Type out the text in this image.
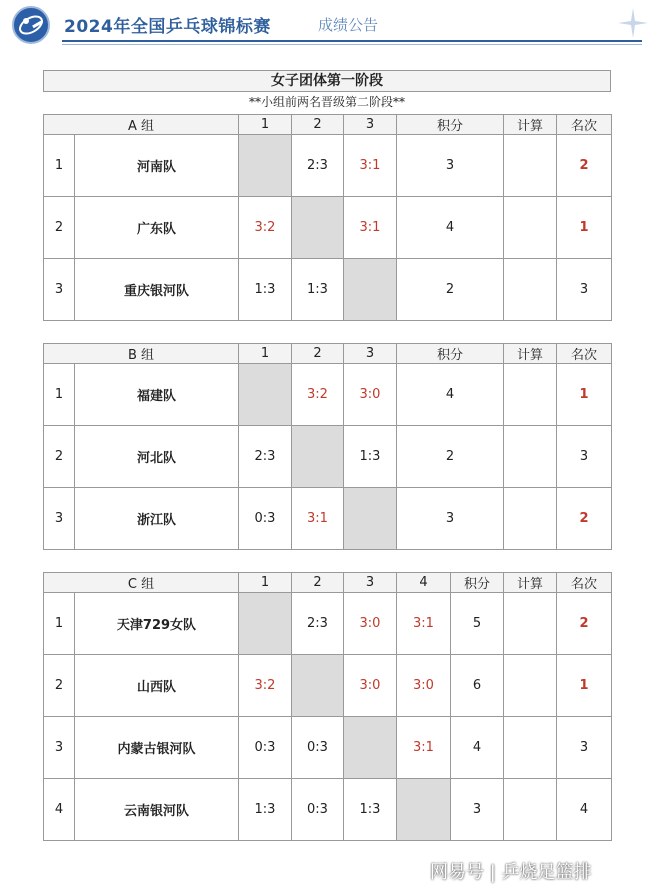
2024年全国乒乓球锦标赛	成绩公告
女子团体第一阶段
**小组前两名晋级第二阶段**
A 组		1	2	3	积分	计算	名次
1	河南队		2:3	3:1	3		2
2	广东队	3:2		3:1	4		1
3	重庆银河队	1:3	1:3		2		3
B 组		1	2	3	积分	计算	名次
1	福建队		3:2	3:0	4		1
2	河北队	2:3		1:3	2		3
3	浙江队	0:3	3:1		3		2
C 组		1	2	3	4	积分	计算	名次
1	天津729女队		2:3	3:0	3:1	5		2
2	山西队	3:2		3:0	3:0	6		1
3	内蒙古银河队	0:3	0:3		3:1	4		3
4	云南银河队	1:3	0:3	1:3		3		4
网易号 | 乒烧足篮排
